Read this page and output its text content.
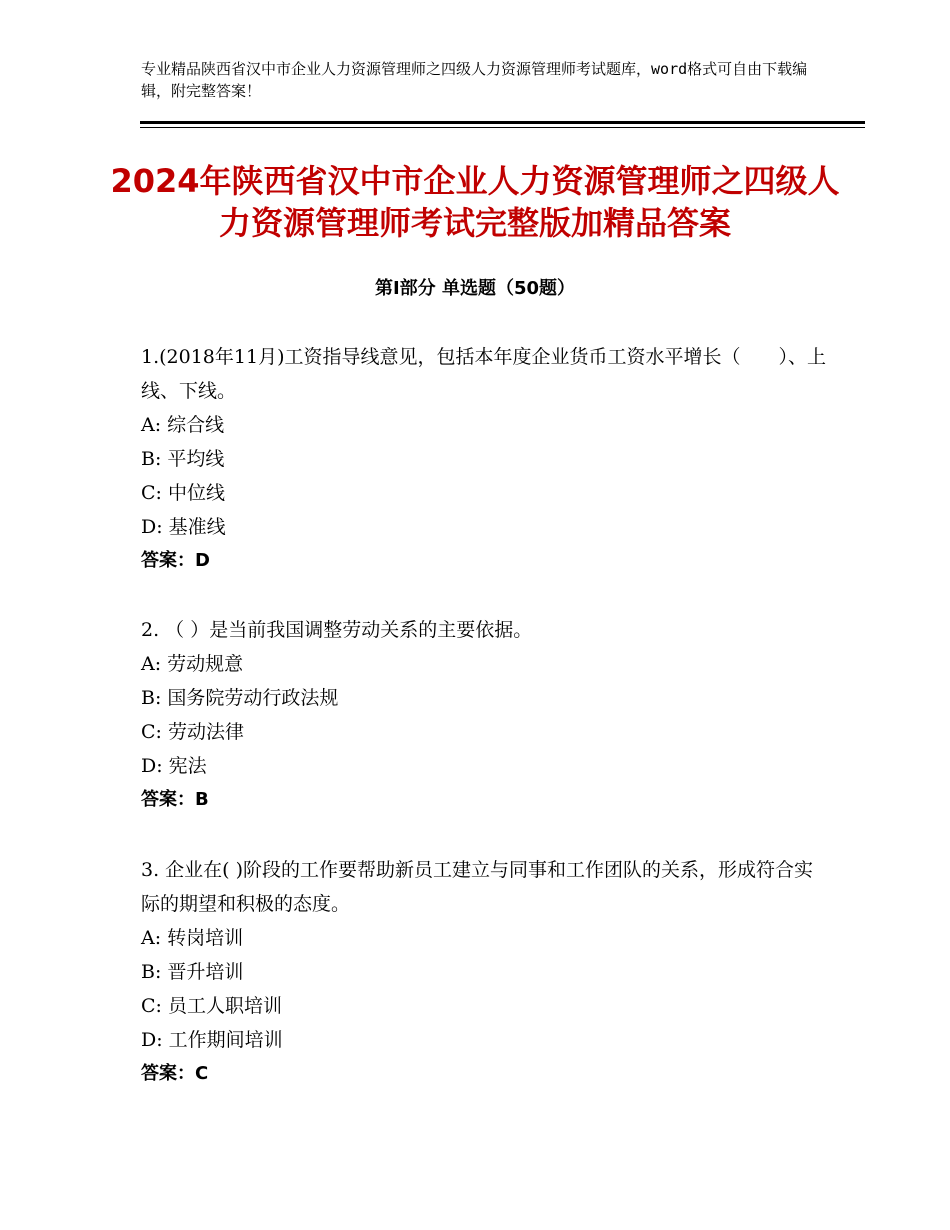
专业精品陕西省汉中市企业人力资源管理师之四级人力资源管理师考试题库，word格式可自由下载编辑，附完整答案！
2024年陕西省汉中市企业人力资源管理师之四级人力资源管理师考试完整版加精品答案
第Ⅰ部分 单选题（50题）

1.(2018年11月)工资指导线意见，包括本年度企业货币工资水平增长（　　）、上线、下线。

A: 综合线

B: 平均线

C: 中位线

D: 基准线

答案：D

2. （ ）是当前我国调整劳动关系的主要依据。

A: 劳动规意

B: 国务院劳动行政法规

C: 劳动法律

D: 宪法

答案：B

3. 企业在( )阶段的工作要帮助新员工建立与同事和工作团队的关系，形成符合实际的期望和积极的态度。

A: 转岗培训

B: 晋升培训

C: 员工人职培训

D: 工作期间培训

答案：C
